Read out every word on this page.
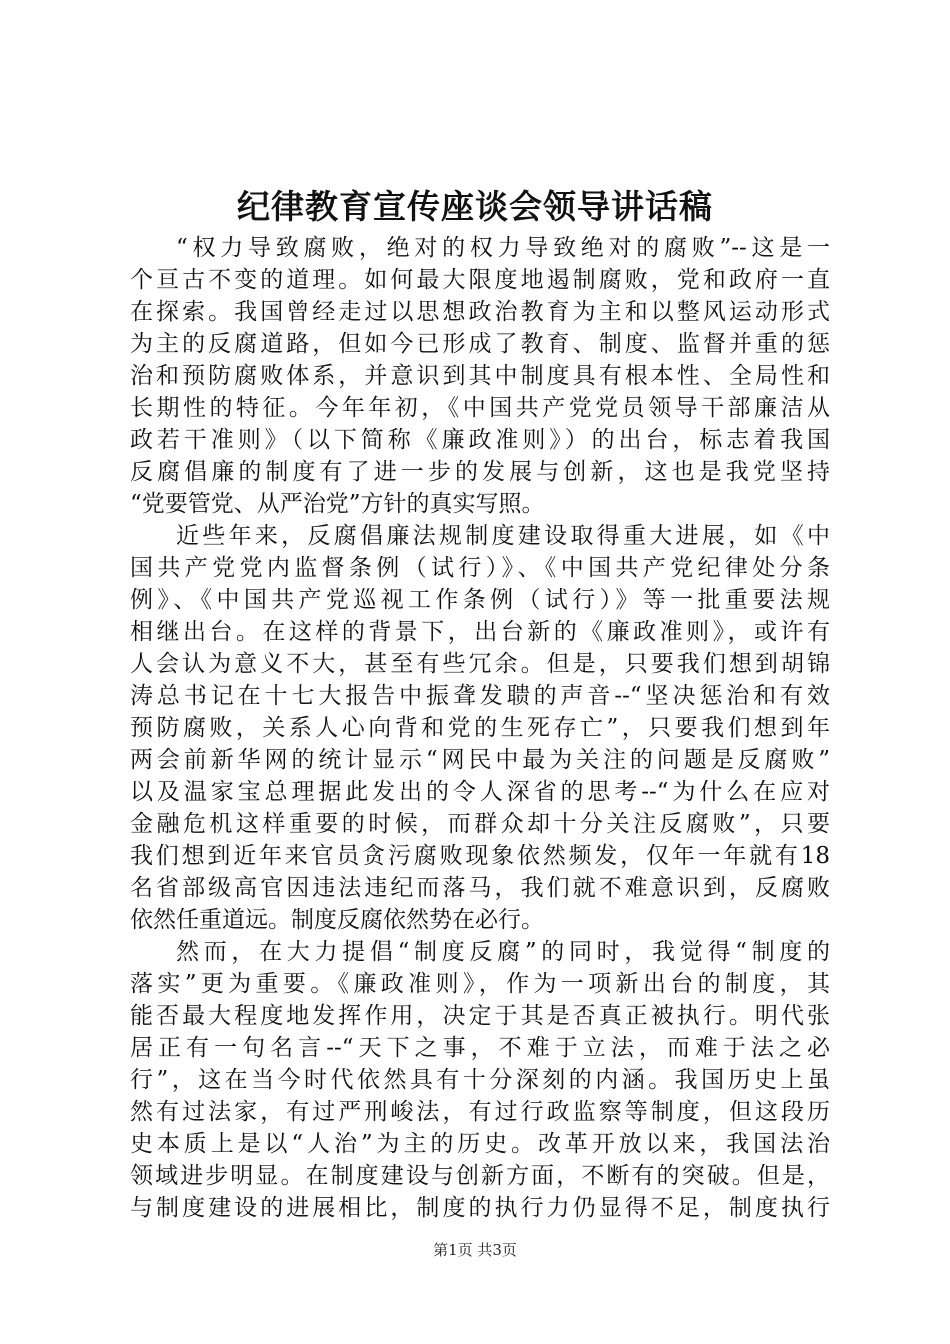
纪律教育宣传座谈会领导讲话稿
“权力导致腐败，绝对的权力导致绝对的腐败”--这是一
个亘古不变的道理。如何最大限度地遏制腐败，党和政府一直
在探索。我国曾经走过以思想政治教育为主和以整风运动形式
为主的反腐道路，但如今已形成了教育、制度、监督并重的惩
治和预防腐败体系，并意识到其中制度具有根本性、全局性和
长期性的特征。今年年初，《中国共产党党员领导干部廉洁从
政若干准则》（以下简称《廉政准则》）的出台，标志着我国
反腐倡廉的制度有了进一步的发展与创新，这也是我党坚持
“党要管党、从严治党”方针的真实写照。
近些年来，反腐倡廉法规制度建设取得重大进展，如《中
国共产党党内监督条例（试行）》、《中国共产党纪律处分条
例》、《中国共产党巡视工作条例（试行）》等一批重要法规
相继出台。在这样的背景下，出台新的《廉政准则》，或许有
人会认为意义不大，甚至有些冗余。但是，只要我们想到胡锦
涛总书记在十七大报告中振聋发聩的声音--“坚决惩治和有效
预防腐败，关系人心向背和党的生死存亡”，只要我们想到年
两会前新华网的统计显示“网民中最为关注的问题是反腐败”
以及温家宝总理据此发出的令人深省的思考--“为什么在应对
金融危机这样重要的时候，而群众却十分关注反腐败”，只要
我们想到近年来官员贪污腐败现象依然频发，仅年一年就有18
名省部级高官因违法违纪而落马，我们就不难意识到，反腐败
依然任重道远。制度反腐依然势在必行。
然而，在大力提倡“制度反腐”的同时，我觉得“制度的
落实”更为重要。《廉政准则》，作为一项新出台的制度，其
能否最大程度地发挥作用，决定于其是否真正被执行。明代张
居正有一句名言--“天下之事，不难于立法，而难于法之必
行”，这在当今时代依然具有十分深刻的内涵。我国历史上虽
然有过法家，有过严刑峻法，有过行政监察等制度，但这段历
史本质上是以“人治”为主的历史。改革开放以来，我国法治
领域进步明显。在制度建设与创新方面，不断有的突破。但是，
与制度建设的进展相比，制度的执行力仍显得不足，制度执行
第1页 共3页
